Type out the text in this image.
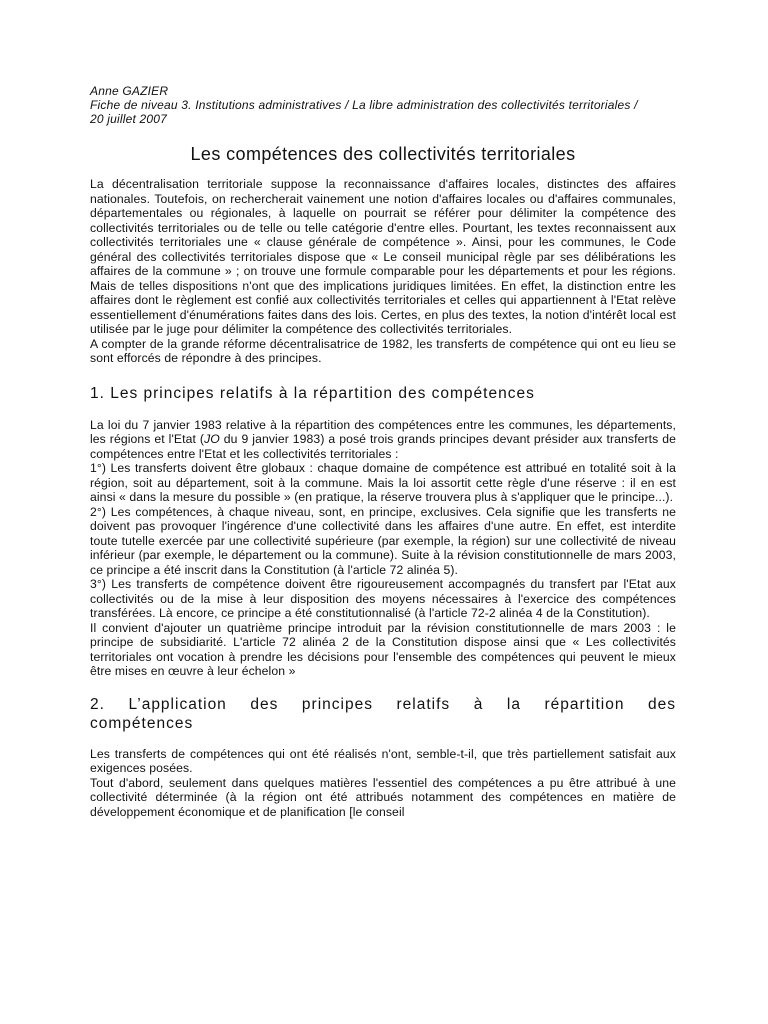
Anne GAZIER
Fiche de niveau 3. Institutions administratives / La libre administration des collectivités territoriales /
20 juillet 2007
Les compétences des collectivités territoriales

La décentralisation territoriale suppose la reconnaissance d'affaires locales, distinctes des affaires nationales. Toutefois, on rechercherait vainement une notion d'affaires locales ou d'affaires communales, départementales ou régionales, à laquelle on pourrait se référer pour délimiter la compétence des collectivités territoriales ou de telle ou telle catégorie d'entre elles. Pourtant, les textes reconnaissent aux collectivités territoriales une « clause générale de compétence ». Ainsi, pour les communes, le Code général des collectivités territoriales dispose que « Le conseil municipal règle par ses délibérations les affaires de la commune » ; on trouve une formule comparable pour les départements et pour les régions. Mais de telles dispositions n'ont que des implications juridiques limitées. En effet, la distinction entre les affaires dont le règlement est confié aux collectivités territoriales et celles qui appartiennent à l'Etat relève essentiellement d'énumérations faites dans des lois. Certes, en plus des textes, la notion d'intérêt local est utilisée par le juge pour délimiter la compétence des collectivités territoriales.

A compter de la grande réforme décentralisatrice de 1982, les transferts de compétence qui ont eu lieu se sont efforcés de répondre à des principes.

1. Les principes relatifs à la répartition des compétences

La loi du 7 janvier 1983 relative à la répartition des compétences entre les communes, les départements, les régions et l'Etat (JO du 9 janvier 1983) a posé trois grands principes devant présider aux transferts de compétences entre l'Etat et les collectivités territoriales :

1°) Les transferts doivent être globaux : chaque domaine de compétence est attribué en totalité soit à la région, soit au département, soit à la commune. Mais la loi assortit cette règle d'une réserve : il en est ainsi « dans la mesure du possible » (en pratique, la réserve trouvera plus à s'appliquer que le principe...).

2°) Les compétences, à chaque niveau, sont, en principe, exclusives. Cela signifie que les transferts ne doivent pas provoquer l'ingérence d'une collectivité dans les affaires d'une autre. En effet, est interdite toute tutelle exercée par une collectivité supérieure (par exemple, la région) sur une collectivité de niveau inférieur (par exemple, le département ou la commune). Suite à la révision constitutionnelle de mars 2003, ce principe a été inscrit dans la Constitution (à l'article 72 alinéa 5).

3°) Les transferts de compétence doivent être rigoureusement accompagnés du transfert par l'Etat aux collectivités ou de la mise à leur disposition des moyens nécessaires à l'exercice des compétences transférées. Là encore, ce principe a été constitutionnalisé (à l'article 72-2 alinéa 4 de la Constitution).

Il convient d'ajouter un quatrième principe introduit par la révision constitutionnelle de mars 2003 : le principe de subsidiarité. L'article 72 alinéa 2 de la Constitution dispose ainsi que « Les collectivités territoriales ont vocation à prendre les décisions pour l'ensemble des compétences qui peuvent le mieux être mises en œuvre à leur échelon »

2. L’application des principes relatifs à la répartition des compétences

Les transferts de compétences qui ont été réalisés n'ont, semble-t-il, que très partiellement satisfait aux exigences posées.

Tout d'abord, seulement dans quelques matières l'essentiel des compétences a pu être attribué à une collectivité déterminée (à la région ont été attribués notamment des compétences en matière de développement économique et de planification [le conseil
